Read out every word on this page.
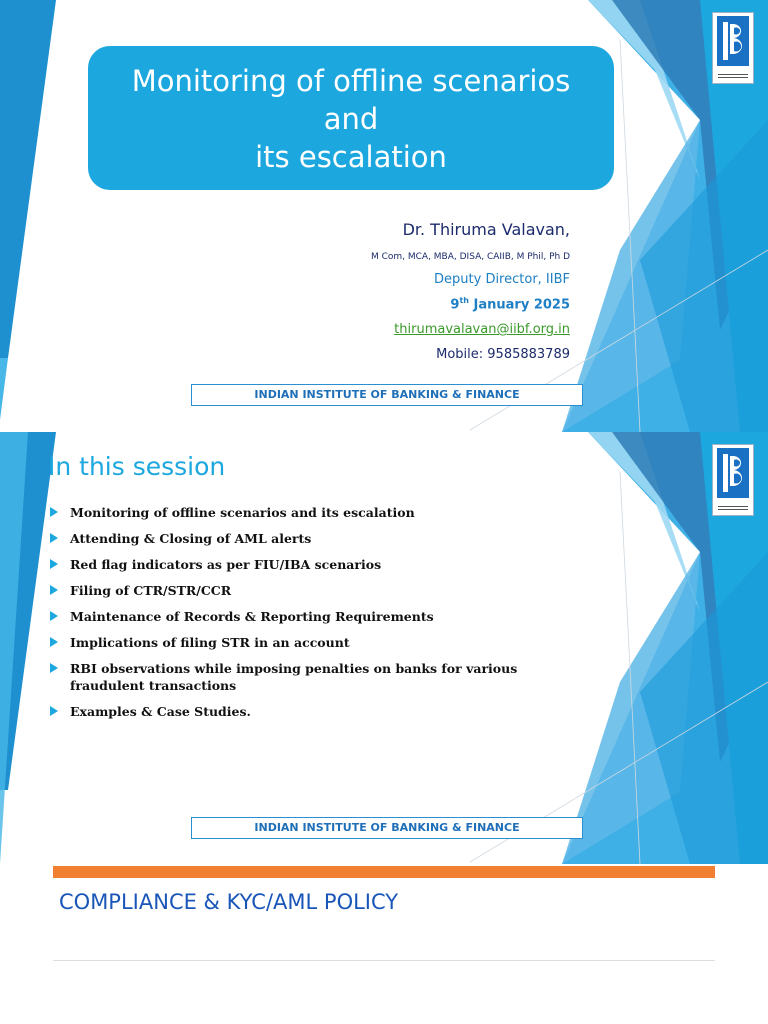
Monitoring of offline scenarios
and
its escalation
Dr. Thiruma Valavan,
M Com, MCA, MBA, DISA, CAIIB, M Phil, Ph D
Deputy Director, IIBF
9th January 2025
thirumavalavan@iibf.org.in
Mobile: 9585883789
INDIAN INSTITUTE OF BANKING & FINANCE
In this session
Monitoring of offline scenarios and its escalation
Attending & Closing of AML alerts
Red flag indicators as per FIU/IBA scenarios
Filing of CTR/STR/CCR
Maintenance of Records & Reporting Requirements
Implications of filing STR in an account
RBI observations while imposing penalties on banks for various fraudulent transactions
Examples & Case Studies.
INDIAN INSTITUTE OF BANKING & FINANCE
COMPLIANCE & KYC/AML POLICY
